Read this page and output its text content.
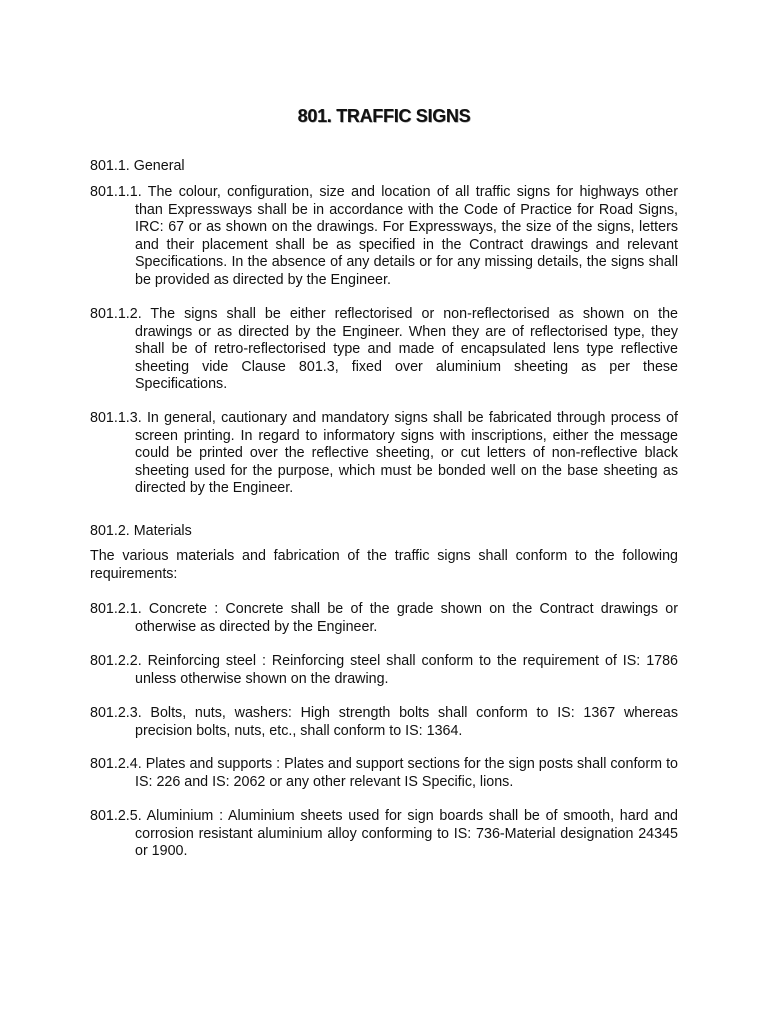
801. TRAFFIC SIGNS

801.1. General

801.1.1. The colour, configuration, size and location of all traffic signs for highways other than Expressways shall be in accordance with the Code of Practice for Road Signs, IRC: 67 or as shown on the drawings. For Expressways, the size of the signs, letters and their placement shall be as specified in the Contract drawings and relevant Specifications. In the absence of any details or for any missing details, the signs shall be provided as directed by the Engineer.

801.1.2. The signs shall be either reflectorised or non-reflectorised as shown on the drawings or as directed by the Engineer. When they are of reflectorised type, they shall be of retro-reflectorised type and made of encapsulated lens type reflective sheeting vide Clause 801.3, fixed over aluminium sheeting as per these Specifications.

801.1.3. In general, cautionary and mandatory signs shall be fabricated through process of screen printing. In regard to informatory signs with inscriptions, either the message could be printed over the reflective sheeting, or cut letters of non-reflective black sheeting used for the purpose, which must be bonded well on the base sheeting as directed by the Engineer.

801.2. Materials

The various materials and fabrication of the traffic signs shall conform to the following requirements:

801.2.1. Concrete : Concrete shall be of the grade shown on the Contract drawings or otherwise as directed by the Engineer.

801.2.2. Reinforcing steel : Reinforcing steel shall conform to the requirement of IS: 1786 unless otherwise shown on the drawing.

801.2.3. Bolts, nuts, washers: High strength bolts shall conform to IS: 1367 whereas precision bolts, nuts, etc., shall conform to IS: 1364.

801.2.4. Plates and supports : Plates and support sections for the sign posts shall conform to IS: 226 and IS: 2062 or any other relevant IS Specific, lions.

801.2.5. Aluminium : Aluminium sheets used for sign boards shall be of smooth, hard and corrosion resistant aluminium alloy conforming to IS: 736-Material designation 24345 or 1900.
